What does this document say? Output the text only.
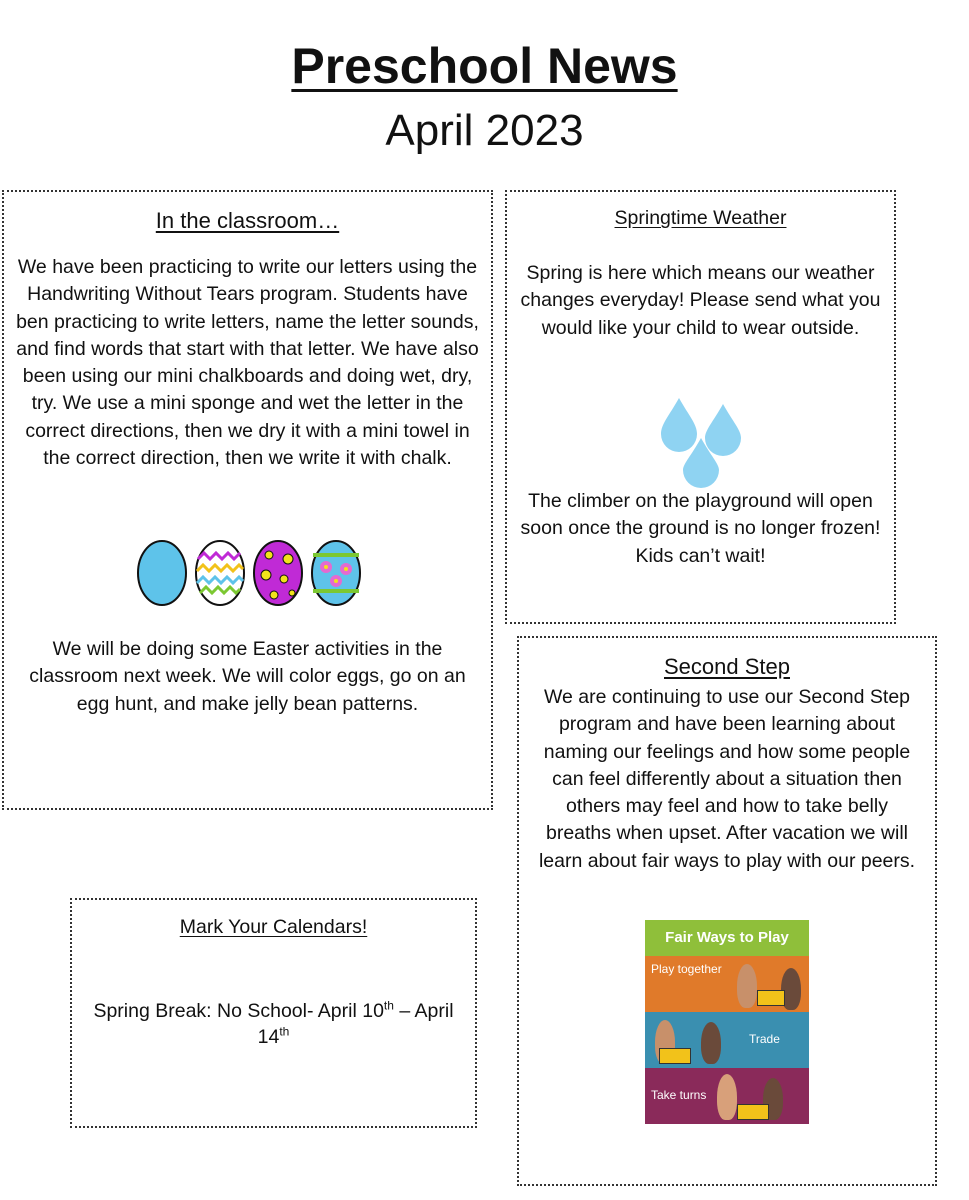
Preschool News
April 2023
In the classroom…

We have been practicing to write our letters using the Handwriting Without Tears program. Students have ben practicing to write letters, name the letter sounds, and find words that start with that letter. We have also been using our mini chalkboards and doing wet, dry, try. We use a mini sponge and wet the letter in the correct directions, then we dry it with a mini towel in the correct direction, then we write it with chalk.

We will be doing some Easter activities in the classroom next week. We will color eggs, go on an egg hunt, and make jelly bean patterns.

Springtime Weather

Spring is here which means our weather changes everyday! Please send what you would like your child to wear outside.

The climber on the playground will open soon once the ground is no longer frozen! Kids can’t wait!

Second Step

We are continuing to use our Second Step program and have been learning about naming our feelings and how some people can feel differently about a situation then others may feel and how to take belly breaths when upset. After vacation we will learn about fair ways to play with our peers.

Fair Ways to Play
Play together
Trade
Take turns
Mark Your Calendars!

Spring Break: No School- April 10th – April 14th
